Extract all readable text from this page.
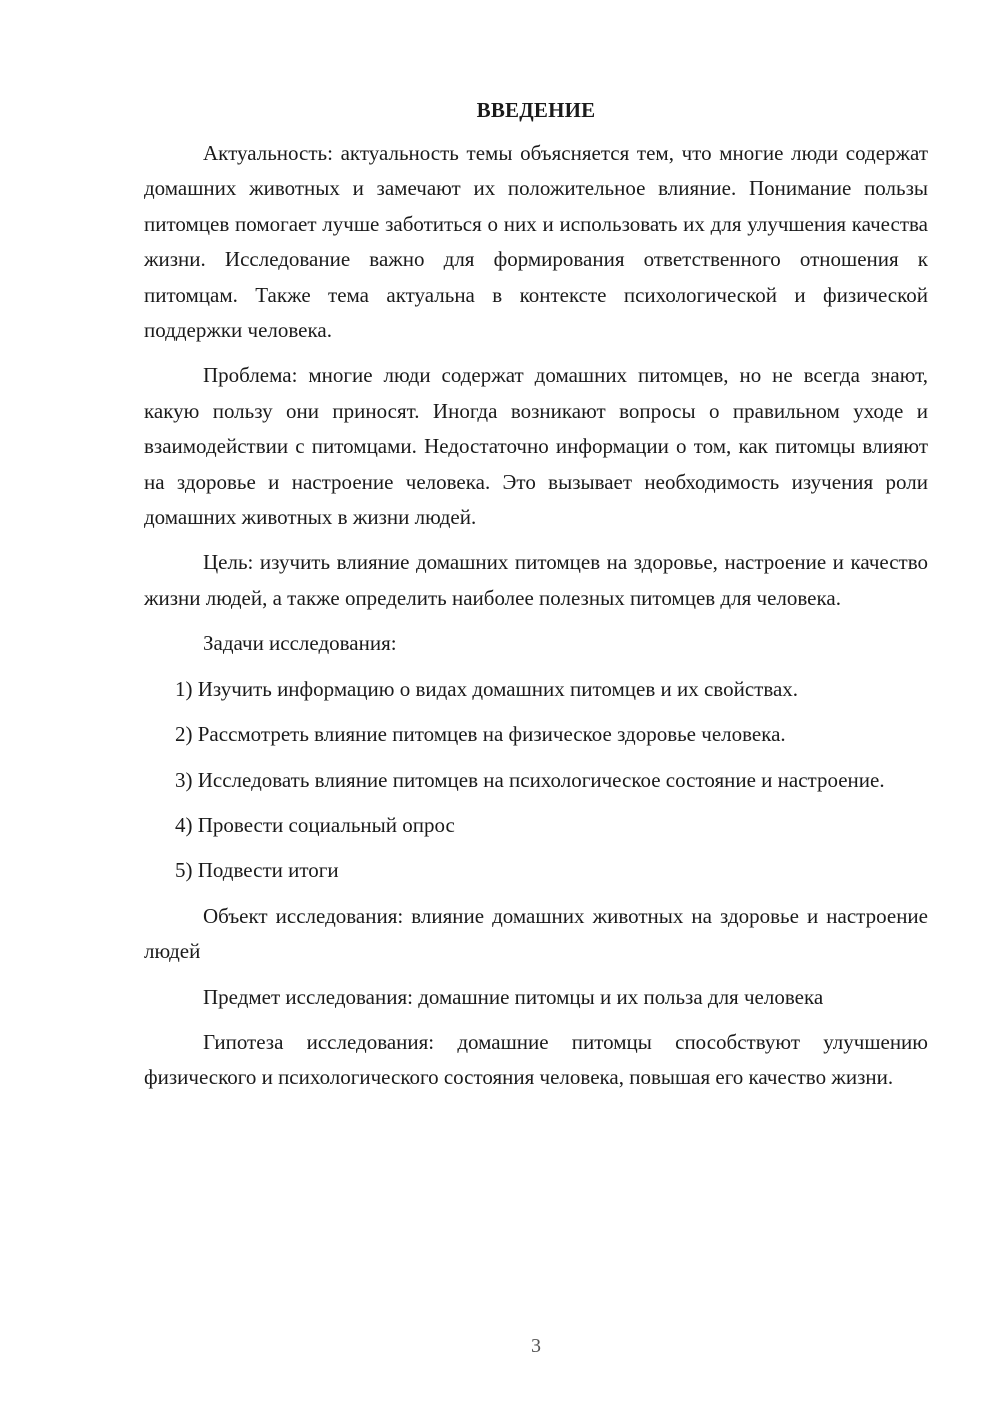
ВВЕДЕНИЕ

Актуальность: актуальность темы объясняется тем, что многие люди содержат домашних животных и замечают их положительное влияние. Понимание пользы питомцев помогает лучше заботиться о них и использовать их для улучшения качества жизни. Исследование важно для формирования ответственного отношения к питомцам. Также тема актуальна в контексте психологической и физической поддержки человека.

Проблема: многие люди содержат домашних питомцев, но не всегда знают, какую пользу они приносят. Иногда возникают вопросы о правильном уходе и взаимодействии с питомцами. Недостаточно информации о том, как питомцы влияют на здоровье и настроение человека. Это вызывает необходимость изучения роли домашних животных в жизни людей.

Цель: изучить влияние домашних питомцев на здоровье, настроение и качество жизни людей, а также определить наиболее полезных питомцев для человека.

Задачи исследования:

1) Изучить информацию о видах домашних питомцев и их свойствах.

2) Рассмотреть влияние питомцев на физическое здоровье человека.

3) Исследовать влияние питомцев на психологическое состояние и настроение.

4) Провести социальный опрос

5) Подвести итоги

Объект исследования: влияние домашних животных на здоровье и настроение людей

Предмет исследования: домашние питомцы и их польза для человека

Гипотеза исследования: домашние питомцы способствуют улучшению физического и психологического состояния человека, повышая его качество жизни.

3
